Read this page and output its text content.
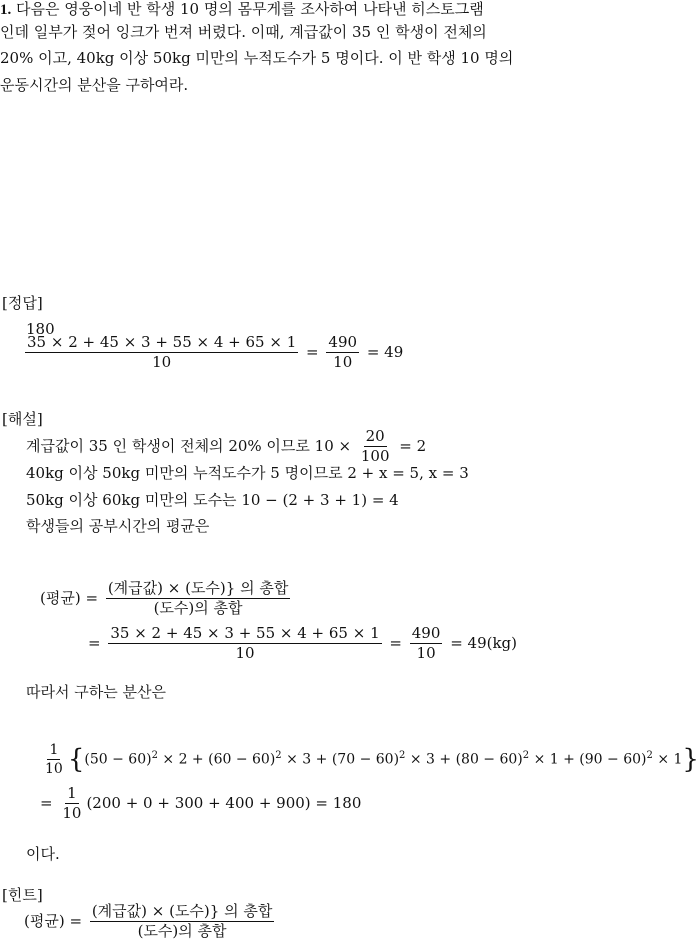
1. 다음은 영웅이네 반 학생 10 명의 몸무게를 조사하여 나타낸 히스토그램
인데 일부가 젖어 잉크가 번져 버렸다. 이때, 계급값이 35 인 학생이 전체의
20% 이고, 40kg 이상 50kg 미만의 누적도수가 5 명이다. 이 반 학생 10 명의
운동시간의 분산을 구하여라.
[정답]
180
$\frac{35 \times 2 + 45 \times 3 + 55 \times 4 + 65 \times 1}{10} = \frac{490}{10} = 49$
[해설]
계급값이 35 인 학생이 전체의 20% 이므로 $10 \times \frac{20}{100} = 2$
40kg 이상 50kg 미만의 누적도수가 5 명이므로 2 + x = 5, x = 3
50kg 이상 60kg 미만의 도수는 10 − (2 + 3 + 1) = 4
학생들의 공부시간의 평균은
(평균) = $\frac{\text{(계급값) × (도수)\} 의 총합}}{\text{(도수)의 총합}}$
= $\frac{35 \times 2 + 45 \times 3 + 55 \times 4 + 65 \times 1}{10} = \frac{490}{10} = 49(kg)$
따라서 구하는 분산은
$\frac{1}{10} \{(50 - 60)^2 \times 2 + (60 - 60)^2 \times 3 + (70 - 60)^2 \times 3 + (80 - 60)^2 \times 1 + (90 - 60)^2 \times 1\}$
= $\frac{1}{10} (200 + 0 + 300 + 400 + 900) = 180$
이다.
[힌트]
(평균) = $\frac{\text{(계급값) × (도수)\} 의 총합}}{\text{(도수)의 총합}}$
